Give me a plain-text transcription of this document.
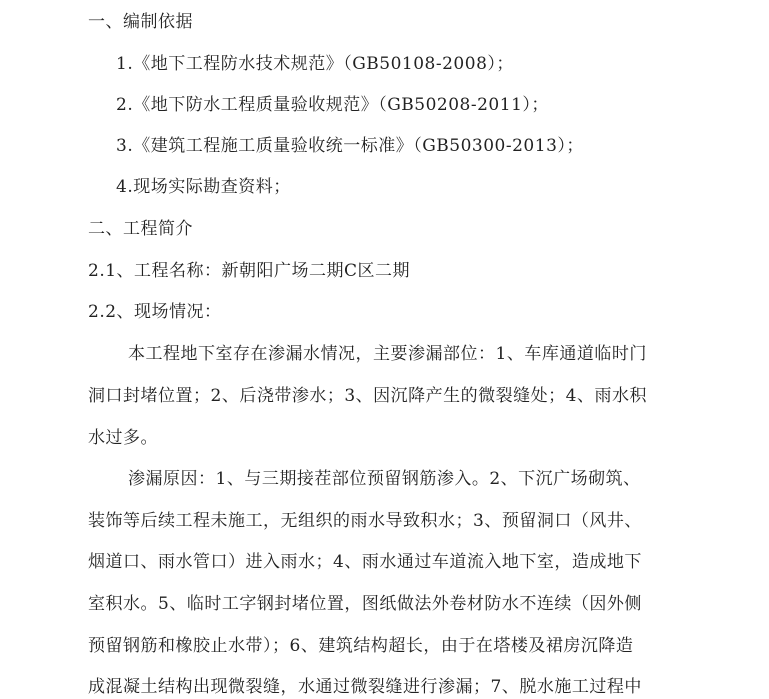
一、编制依据
1.《地下工程防水技术规范》（GB50108-2008）；
2.《地下防水工程质量验收规范》（GB50208-2011）；
3.《建筑工程施工质量验收统一标准》（GB50300-2013）；
4.现场实际勘查资料；
二、工程简介
2.1、工程名称：新朝阳广场二期C区二期
2.2、现场情况：
本工程地下室存在渗漏水情况，主要渗漏部位：1、车库通道临时门
洞口封堵位置；2、后浇带渗水；3、因沉降产生的微裂缝处；4、雨水积
水过多。
渗漏原因：1、与三期接茬部位预留钢筋渗入。2、下沉广场砌筑、
装饰等后续工程未施工，无组织的雨水导致积水；3、预留洞口（风井、
烟道口、雨水管口）进入雨水；4、雨水通过车道流入地下室，造成地下
室积水。5、临时工字钢封堵位置，图纸做法外卷材防水不连续（因外侧
预留钢筋和橡胶止水带）；6、建筑结构超长，由于在塔楼及裙房沉降造
成混凝土结构出现微裂缝，水通过微裂缝进行渗漏；7、脱水施工过程中
